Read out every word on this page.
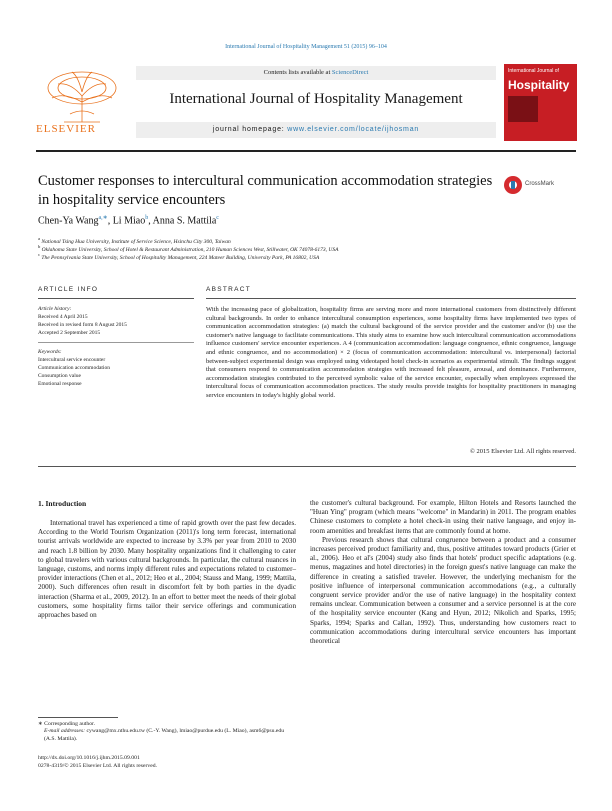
International Journal of Hospitality Management 51 (2015) 96–104
ELSEVIER
Contents lists available at ScienceDirect
International Journal of Hospitality Management
journal homepage: www.elsevier.com/locate/ijhosman
International Journal of
Hospitality
Customer responses to intercultural communication accommodation strategies in hospitality service encounters
CrossMark
Chen-Ya Wang$^{a,∗}$, Li Miao$^b$, Anna S. Mattila$^c$
$^a$ National Tsing Hua University, Institute of Service Science, Hsinchu City 300, Taiwan
$^b$ Oklahoma State University, School of Hotel & Restaurant Administration, 210 Human Sciences West, Stillwater, OK 74078-6173, USA
$^c$ The Pennsylvania State University, School of Hospitality Management, 224 Mateer Building, University Park, PA 16802, USA
ARTICLE INFO	ABSTRACT
Article history:
Received 4 April 2015
Received in revised form 8 August 2015
Accepted 2 September 2015
Keywords:
Intercultural service encounter
Communication accommodation
Consumption value
Emotional response
With the increasing pace of globalization, hospitality firms are serving more and more international customers from distinctively different cultural backgrounds. In order to enhance intercultural consumption experiences, some hospitality firms have implemented two types of communication accommodation strategies: (a) match the cultural background of the service provider and the customer and/or (b) use the customer's native language to facilitate communications. This study aims to examine how such intercultural communication accommodations influence customers' service encounter experiences. A 4 (communication accommodation: language congruence, ethnic congruence, language and ethnic congruence, and no accommodation) × 2 (focus of communication accommodation: intercultural vs. interpersonal) factorial between-subject experimental design was employed using videotaped hotel check-in scenarios as experimental stimuli. The findings suggest that consumers respond to communication accommodation strategies with increased felt pleasure, arousal, and dominance. Furthermore, accommodation strategies contributed to the perceived symbolic value of the service encounter, especially when employees expressed the intercultural focus of communication accommodation practices. The study results provide insights for hospitality practitioners in managing service encounters in today's highly global world.
© 2015 Elsevier Ltd. All rights reserved.
1. Introduction

International travel has experienced a time of rapid growth over the past few decades. According to the World Tourism Organization (2011)'s long term forecast, international tourist arrivals worldwide are expected to increase by 3.3% per year from 2010 to 2030 and reach 1.8 billion by 2030. Many hospitality organizations find it challenging to cater to global travelers with various cultural backgrounds. In particular, the cultural nuances in language, customs, and norms imply different rules and expectations related to customer–provider interactions (Chen et al., 2012; Heo et al., 2004; Stauss and Mang, 1999; Mattila, 2000). Such differences often result in discomfort felt by both parties in the dyadic interaction (Sharma et al., 2009, 2012). In an effort to better meet the needs of their global customers, some hospitality firms tailor their service offerings and communication approaches based on

the customer's cultural background. For example, Hilton Hotels and Resorts launched the "Huan Ying" program (which means "welcome" in Mandarin) in 2011. The program enables Chinese customers to complete a hotel check-in using their native language, and enjoy in-room amenities and breakfast items that are commonly found at home.

Previous research shows that cultural congruence between a product and a consumer increases perceived product familiarity and, thus, positive attitudes toward products (Grier et al., 2006). Heo et al's (2004) study also finds that hotels' product specific adaptations (e.g. menus, magazines and hotel directories) in the foreign guest's native language can make the difference in creating a satisfied traveler. However, the underlying mechanism for the positive influence of interpersonal communication accommodations (e.g., a culturally congruent service provider and/or the use of native language) in the hospitality context remains unclear. Communication between a consumer and a service personnel is at the core of the hospitality service encounter (Kang and Hyun, 2012; Nikolich and Sparks, 1995; Sparks, 1994; Sparks and Callan, 1992). Thus, understanding how customers react to communication accommodations during intercultural service encounters has important theoretical

∗ Corresponding author.
E-mail addresses: cywang@mx.nthu.edu.tw (C.-Y. Wang), lmiao@purdue.edu (L. Miao), asm6@psu.edu (A.S. Mattila).
http://dx.doi.org/10.1016/j.ijhm.2015.09.001
0278-4319/© 2015 Elsevier Ltd. All rights reserved.
